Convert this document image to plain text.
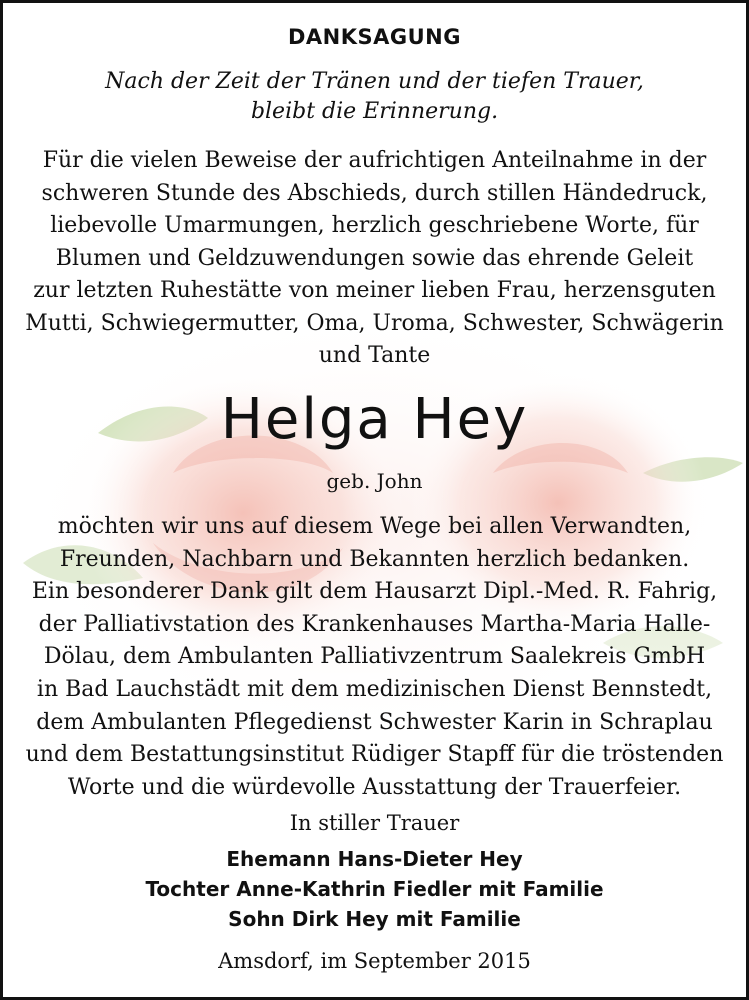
DANKSAGUNG
Nach der Zeit der Tränen und der tiefen Trauer,
bleibt die Erinnerung.
Für die vielen Beweise der aufrichtigen Anteilnahme in der
schweren Stunde des Abschieds, durch stillen Händedruck,
liebevolle Umarmungen, herzlich geschriebene Worte, für
Blumen und Geldzuwendungen sowie das ehrende Geleit
zur letzten Ruhestätte von meiner lieben Frau, herzensguten
Mutti, Schwiegermutter, Oma, Uroma, Schwester, Schwägerin
und Tante
Helga Hey
geb. John
möchten wir uns auf diesem Wege bei allen Verwandten,
Freunden, Nachbarn und Bekannten herzlich bedanken.
Ein besonderer Dank gilt dem Hausarzt Dipl.-Med. R. Fahrig,
der Palliativstation des Krankenhauses Martha-Maria Halle-
Dölau, dem Ambulanten Palliativzentrum Saalekreis GmbH
in Bad Lauchstädt mit dem medizinischen Dienst Bennstedt,
dem Ambulanten Pflegedienst Schwester Karin in Schraplau
und dem Bestattungsinstitut Rüdiger Stapff für die tröstenden
Worte und die würdevolle Ausstattung der Trauerfeier.
In stiller Trauer
Ehemann Hans-Dieter Hey
Tochter Anne-Kathrin Fiedler mit Familie
Sohn Dirk Hey mit Familie
Amsdorf, im September 2015
